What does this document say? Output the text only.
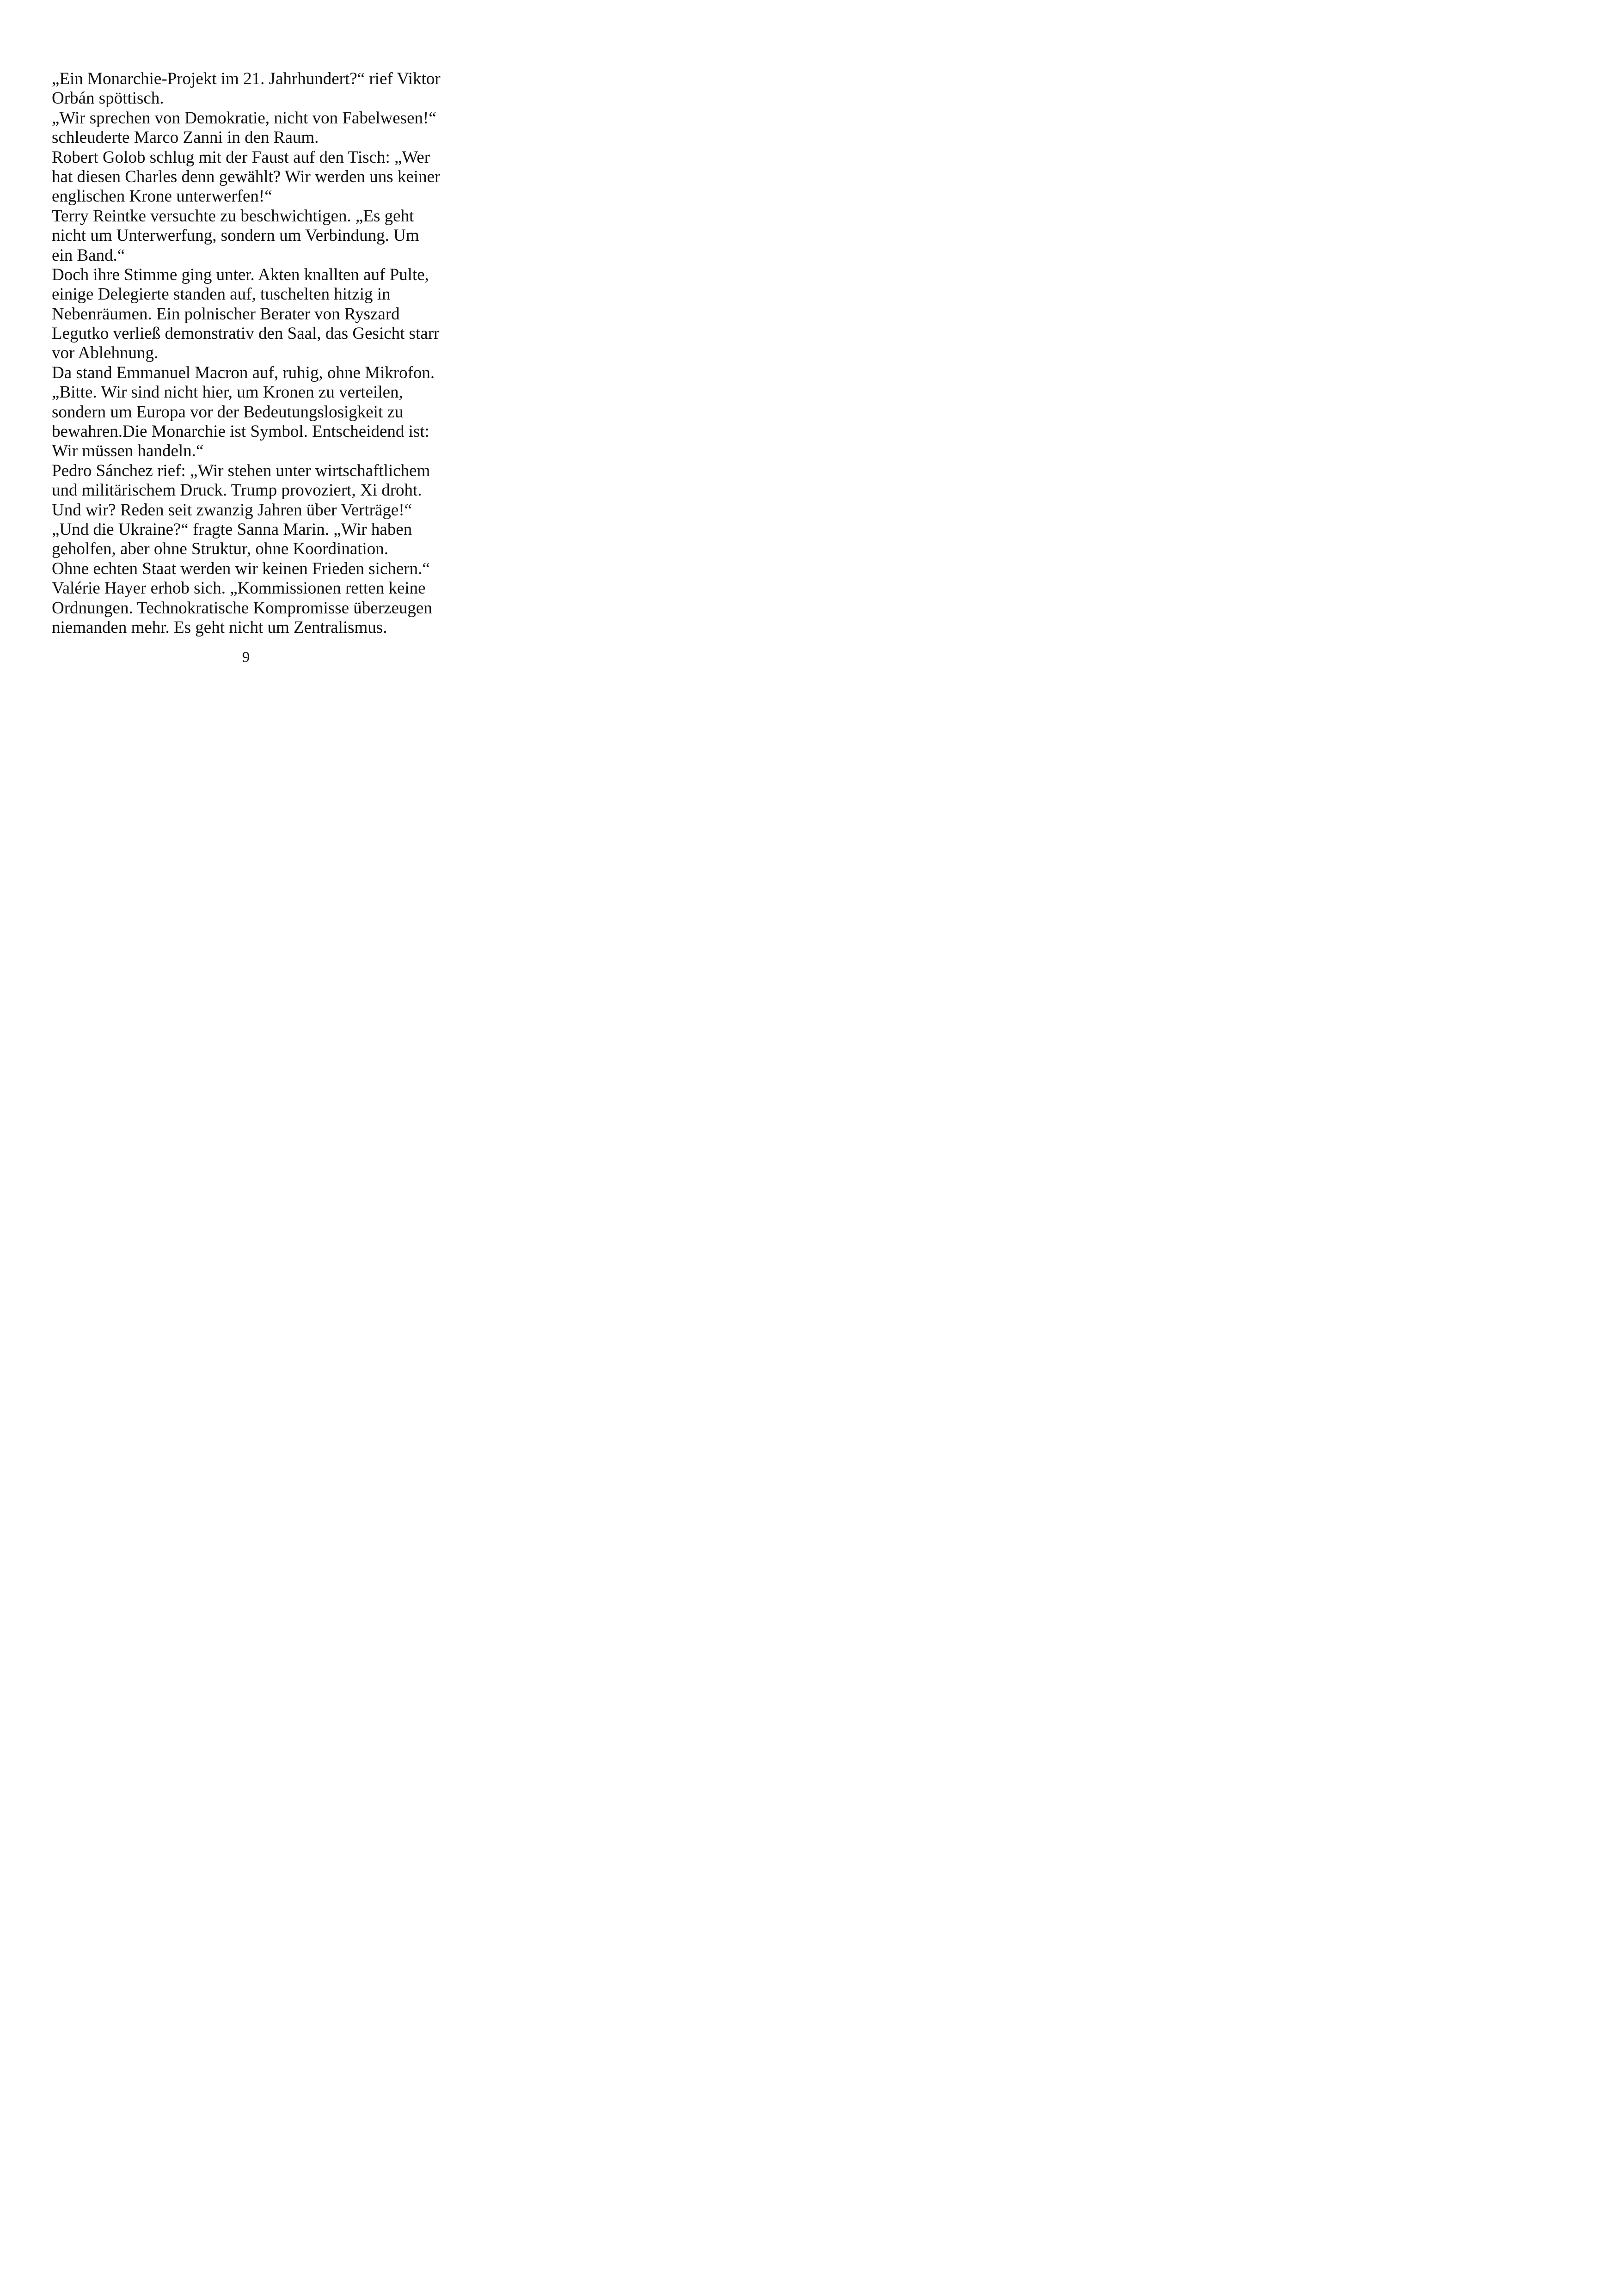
„Ein Monarchie-Projekt im 21. Jahrhundert?“ rief Viktor
Orbán spöttisch.
„Wir sprechen von Demokratie, nicht von Fabelwesen!“
schleuderte Marco Zanni in den Raum.
Robert Golob schlug mit der Faust auf den Tisch: „Wer
hat diesen Charles denn gewählt? Wir werden uns keiner
englischen Krone unterwerfen!“
Terry Reintke versuchte zu beschwichtigen. „Es geht
nicht um Unterwerfung, sondern um Verbindung. Um
ein Band.“
Doch ihre Stimme ging unter. Akten knallten auf Pulte,
einige Delegierte standen auf, tuschelten hitzig in
Nebenräumen. Ein polnischer Berater von Ryszard
Legutko verließ demonstrativ den Saal, das Gesicht starr
vor Ablehnung.
Da stand Emmanuel Macron auf, ruhig, ohne Mikrofon.
„Bitte. Wir sind nicht hier, um Kronen zu verteilen,
sondern um Europa vor der Bedeutungslosigkeit zu
bewahren.Die Monarchie ist Symbol. Entscheidend ist:
Wir müssen handeln.“
Pedro Sánchez rief: „Wir stehen unter wirtschaftlichem
und militärischem Druck. Trump provoziert, Xi droht.
Und wir? Reden seit zwanzig Jahren über Verträge!“
„Und die Ukraine?“ fragte Sanna Marin. „Wir haben
geholfen, aber ohne Struktur, ohne Koordination.
Ohne echten Staat werden wir keinen Frieden sichern.“
Valérie Hayer erhob sich. „Kommissionen retten keine
Ordnungen. Technokratische Kompromisse überzeugen
niemanden mehr. Es geht nicht um Zentralismus.
9
